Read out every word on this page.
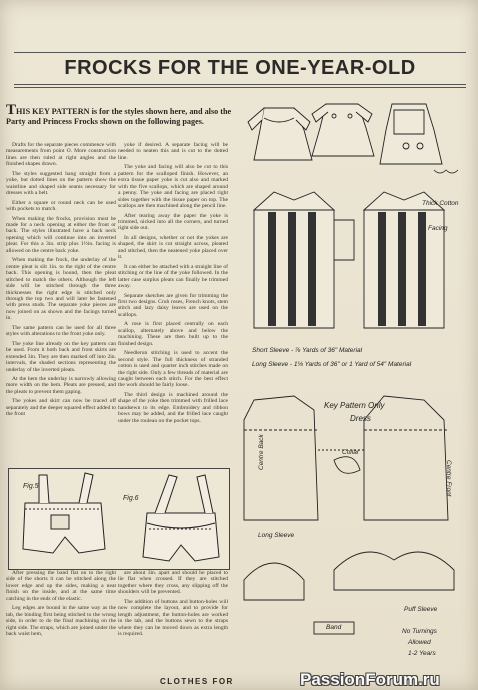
FROCKS FOR THE ONE-YEAR-OLD
THIS KEY PATTERN is for the styles shown here, and also the Party and Princess Frocks shown on the following pages.

Drafts for the separate pieces commence with measurements from point O. More construction lines are then ruled at right angles and the finished shapes drawn.

The styles suggested hang straight from a yoke, but dotted lines on the pattern show the waistline and shaped side seams necessary for dresses with a belt.

Either a square or round neck can be used with pockets to match.

When making the frocks, provision must be made for a neck opening at either the front or back. The styles illustrated have a back neck opening which will continue into an inverted pleat. For this a 3in. strip plus 1½in. facing is allowed on the centre back yoke.

When making the frock, the underlay of the centre pleat is slit 1in. to the right of the centre back. This opening is bound, then the pleat stitched to match the others. Although the left side will be stitched through the three thicknesses the right edge is stitched only through the top two and will later be fastened with press studs. The separate yoke pieces are now joined on as shown and the facings turned in.

The same pattern can be used for all three styles with alterations to the front yoke only.

The yoke line already on the key pattern can be used. From it both back and front skirts are extended 3in. They are then marked off into 2in. intervals, the shaded sections representing the underlay of the inverted pleats.

At the hem the underlay is narrowly allowing more width on the hem. Pleats are pressed, and the pleats to prevent them gaping.

The yokes and skirt can now be traced off separately and the deeper squared effect added to the front

yoke if desired. A separate facing will be needed to neaten this and is cut to the dotted line.

The yoke and facing will also be cut to this pattern for the scalloped finish. However, an extra tissue paper yoke is cut also and marked with the five scallops, which are shaped around a penny. The yoke and facing are placed right sides together with the tissue paper on top. The scallops are then machined along the pencil line.

After tearing away the paper the yoke is trimmed, nicked into all the corners, and turned right side out.

In all designs, whether or not the yokes are shaped, the skirt is cut straight across, pleated and stitched, then the neatened yoke placed over it.

It can either be attached with a straight line of stitching or the line of the yoke followed. In the latter case surplus pleats can finally be trimmed away.

Separate sketches are given for trimming the first two designs. Cruh roses, French knots, stem stitch and lazy daisy leaves are used on the scallops.

A rose is first placed centrally on each scallop, alternately above and below the machining. These are then built up to the finished design.

Needlerun stitching is used to accent the second style. The full thickness of stranded cotton is used and quarter inch stitches made on the right side. Only a few threads of material are caught between each stitch. For the best effect the work should be fairly loose.

The third design is machined around the shape of the yoke then trimmed with frilled lace handsewn to its edge. Embroidery and ribbon bows may be added, and the frilled lace caught under the rouleau on the pocket tops.

Fig.5
Fig.6

After pressing the band flat on to the right side of the shorts it can be stitched along the lower edge and up the sides, making a neat finish on the inside, and at the same time catching in the ends of the elastic.

Leg edges are bound in the same way as the tab, the binding first being stitched to the wrong side, in order to do the final machining on the right side. The straps, which are joined under the back waist hem,

are about 3in. apart and should be placed to lie flat when crossed. If they are stitched together where they cross, any slipping off the shoulders will be prevented.

The addition of buttons and button-holes will now complete the layout, and to provide for length adjustment, the button-holes are worked in the tab, and the buttons sewn to the straps where they can be moved down as extra length is required.

Thick Cotton
Facing
Short Sleeve - ⅞ Yards of 36" Material
Long Sleeve - 1⅛ Yards of 36" or 1 Yard of 54" Material
Key Pattern Only
Dress
Collar
Centre Back
Centre Front
Long Sleeve
Puff Sleeve
Band
No Turnings
Allowed
1-2 Years
CLOTHES FOR	PassionForum.ru
